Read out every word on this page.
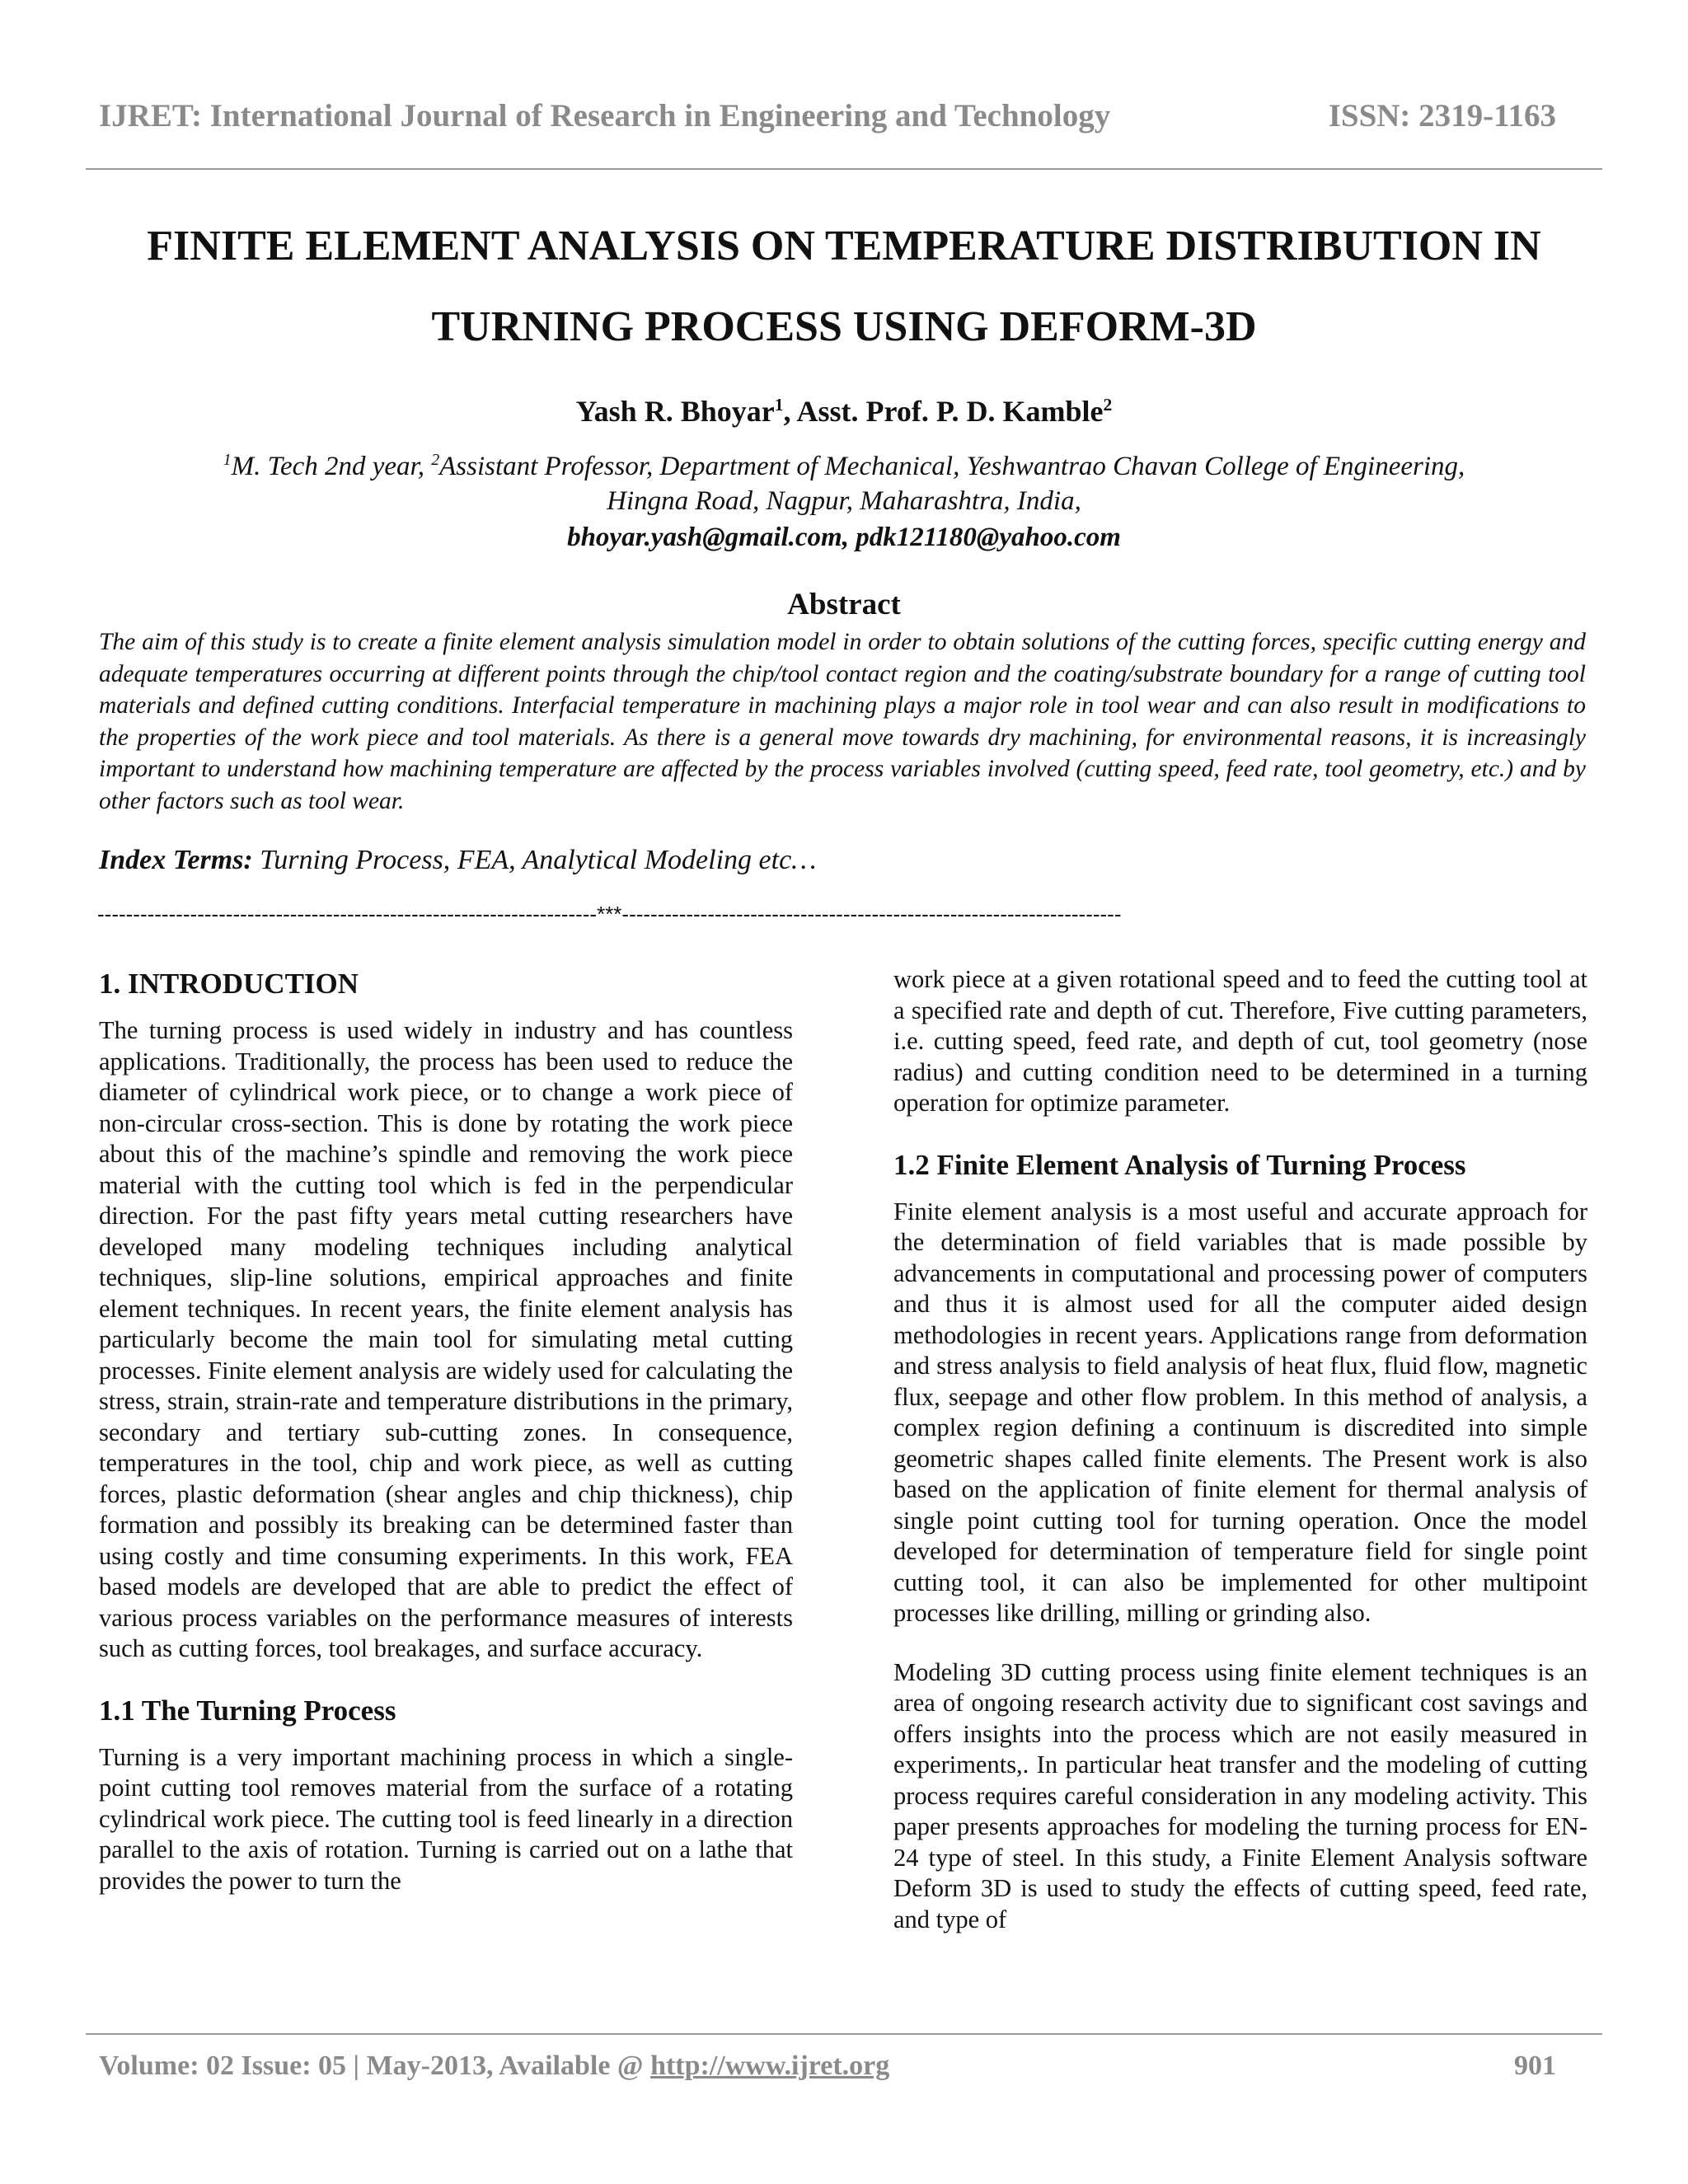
IJRET: International Journal of Research in Engineering and Technology	ISSN: 2319-1163
FINITE ELEMENT ANALYSIS ON TEMPERATURE DISTRIBUTION IN
TURNING PROCESS USING DEFORM-3D
Yash R. Bhoyar$^1$, Asst. Prof. P. D. Kamble$^2$
$^1$M. Tech 2nd year, $^2$Assistant Professor, Department of Mechanical, Yeshwantrao Chavan College of Engineering,
Hingna Road, Nagpur, Maharashtra, India,
bhoyar.yash@gmail.com, pdk121180@yahoo.com
Abstract
The aim of this study is to create a finite element analysis simulation model in order to obtain solutions of the cutting forces, specific cutting energy and adequate temperatures occurring at different points through the chip/tool contact region and the coating/substrate boundary for a range of cutting tool materials and defined cutting conditions. Interfacial temperature in machining plays a major role in tool wear and can also result in modifications to the properties of the work piece and tool materials. As there is a general move towards dry machining, for environmental reasons, it is increasingly important to understand how machining temperature are affected by the process variables involved (cutting speed, feed rate, tool geometry, etc.) and by other factors such as tool wear.
Index Terms: Turning Process, FEA, Analytical Modeling etc…
----------------------------------------------------------------------***----------------------------------------------------------------------
1. INTRODUCTION

The turning process is used widely in industry and has countless applications. Traditionally, the process has been used to reduce the diameter of cylindrical work piece, or to change a work piece of non-circular cross-section. This is done by rotating the work piece about this of the machine’s spindle and removing the work piece material with the cutting tool which is fed in the perpendicular direction. For the past fifty years metal cutting researchers have developed many modeling techniques including analytical techniques, slip-line solutions, empirical approaches and finite element techniques. In recent years, the finite element analysis has particularly become the main tool for simulating metal cutting processes. Finite element analysis are widely used for calculating the stress, strain, strain-rate and temperature distributions in the primary, secondary and tertiary sub-cutting zones. In consequence, temperatures in the tool, chip and work piece, as well as cutting forces, plastic deformation (shear angles and chip thickness), chip formation and possibly its breaking can be determined faster than using costly and time consuming experiments. In this work, FEA based models are developed that are able to predict the effect of various process variables on the performance measures of interests such as cutting forces, tool breakages, and surface accuracy.

1.1 The Turning Process

Turning is a very important machining process in which a single-point cutting tool removes material from the surface of a rotating cylindrical work piece. The cutting tool is feed linearly in a direction parallel to the axis of rotation. Turning is carried out on a lathe that provides the power to turn the

work piece at a given rotational speed and to feed the cutting tool at a specified rate and depth of cut. Therefore, Five cutting parameters, i.e. cutting speed, feed rate, and depth of cut, tool geometry (nose radius) and cutting condition need to be determined in a turning operation for optimize parameter.

1.2 Finite Element Analysis of Turning Process

Finite element analysis is a most useful and accurate approach for the determination of field variables that is made possible by advancements in computational and processing power of computers and thus it is almost used for all the computer aided design methodologies in recent years. Applications range from deformation and stress analysis to field analysis of heat flux, fluid flow, magnetic flux, seepage and other flow problem. In this method of analysis, a complex region defining a continuum is discredited into simple geometric shapes called finite elements. The Present work is also based on the application of finite element for thermal analysis of single point cutting tool for turning operation. Once the model developed for determination of temperature field for single point cutting tool, it can also be implemented for other multipoint processes like drilling, milling or grinding also.

Modeling 3D cutting process using finite element techniques is an area of ongoing research activity due to significant cost savings and offers insights into the process which are not easily measured in experiments,. In particular heat transfer and the modeling of cutting process requires careful consideration in any modeling activity. This paper presents approaches for modeling the turning process for EN-24 type of steel. In this study, a Finite Element Analysis software Deform 3D is used to study the effects of cutting speed, feed rate, and type of

Volume: 02 Issue: 05 | May-2013, Available @ http://www.ijret.org	901
